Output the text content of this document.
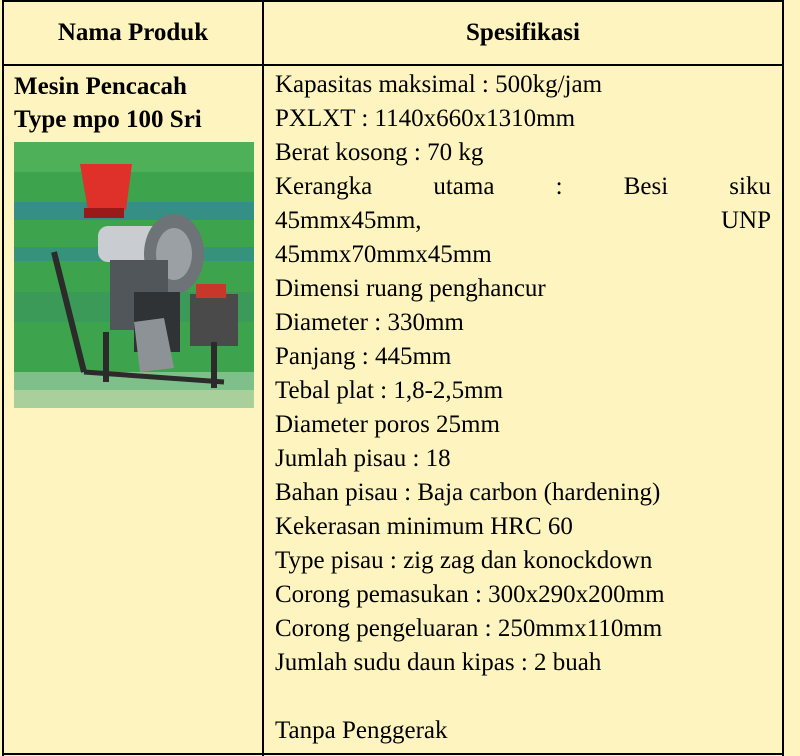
Nama Produk	Spesifikasi
Mesin Pencacah
Type mpo 100 Sri
Kapasitas maksimal : 500kg/jam
PXLXT : 1140x660x1310mm
Berat kosong : 70 kg
Kerangka utama : Besi siku
45mmx45mm,	UNP
45mmx70mmx45mm
Dimensi ruang penghancur
Diameter : 330mm
Panjang : 445mm
Tebal plat : 1,8-2,5mm
Diameter poros 25mm
Jumlah pisau : 18
Bahan pisau : Baja carbon (hardening)
Kekerasan minimum HRC 60
Type pisau : zig zag dan konockdown
Corong pemasukan : 300x290x200mm
Corong pengeluaran : 250mmx110mm
Jumlah sudu daun kipas : 2 buah
Tanpa Penggerak
